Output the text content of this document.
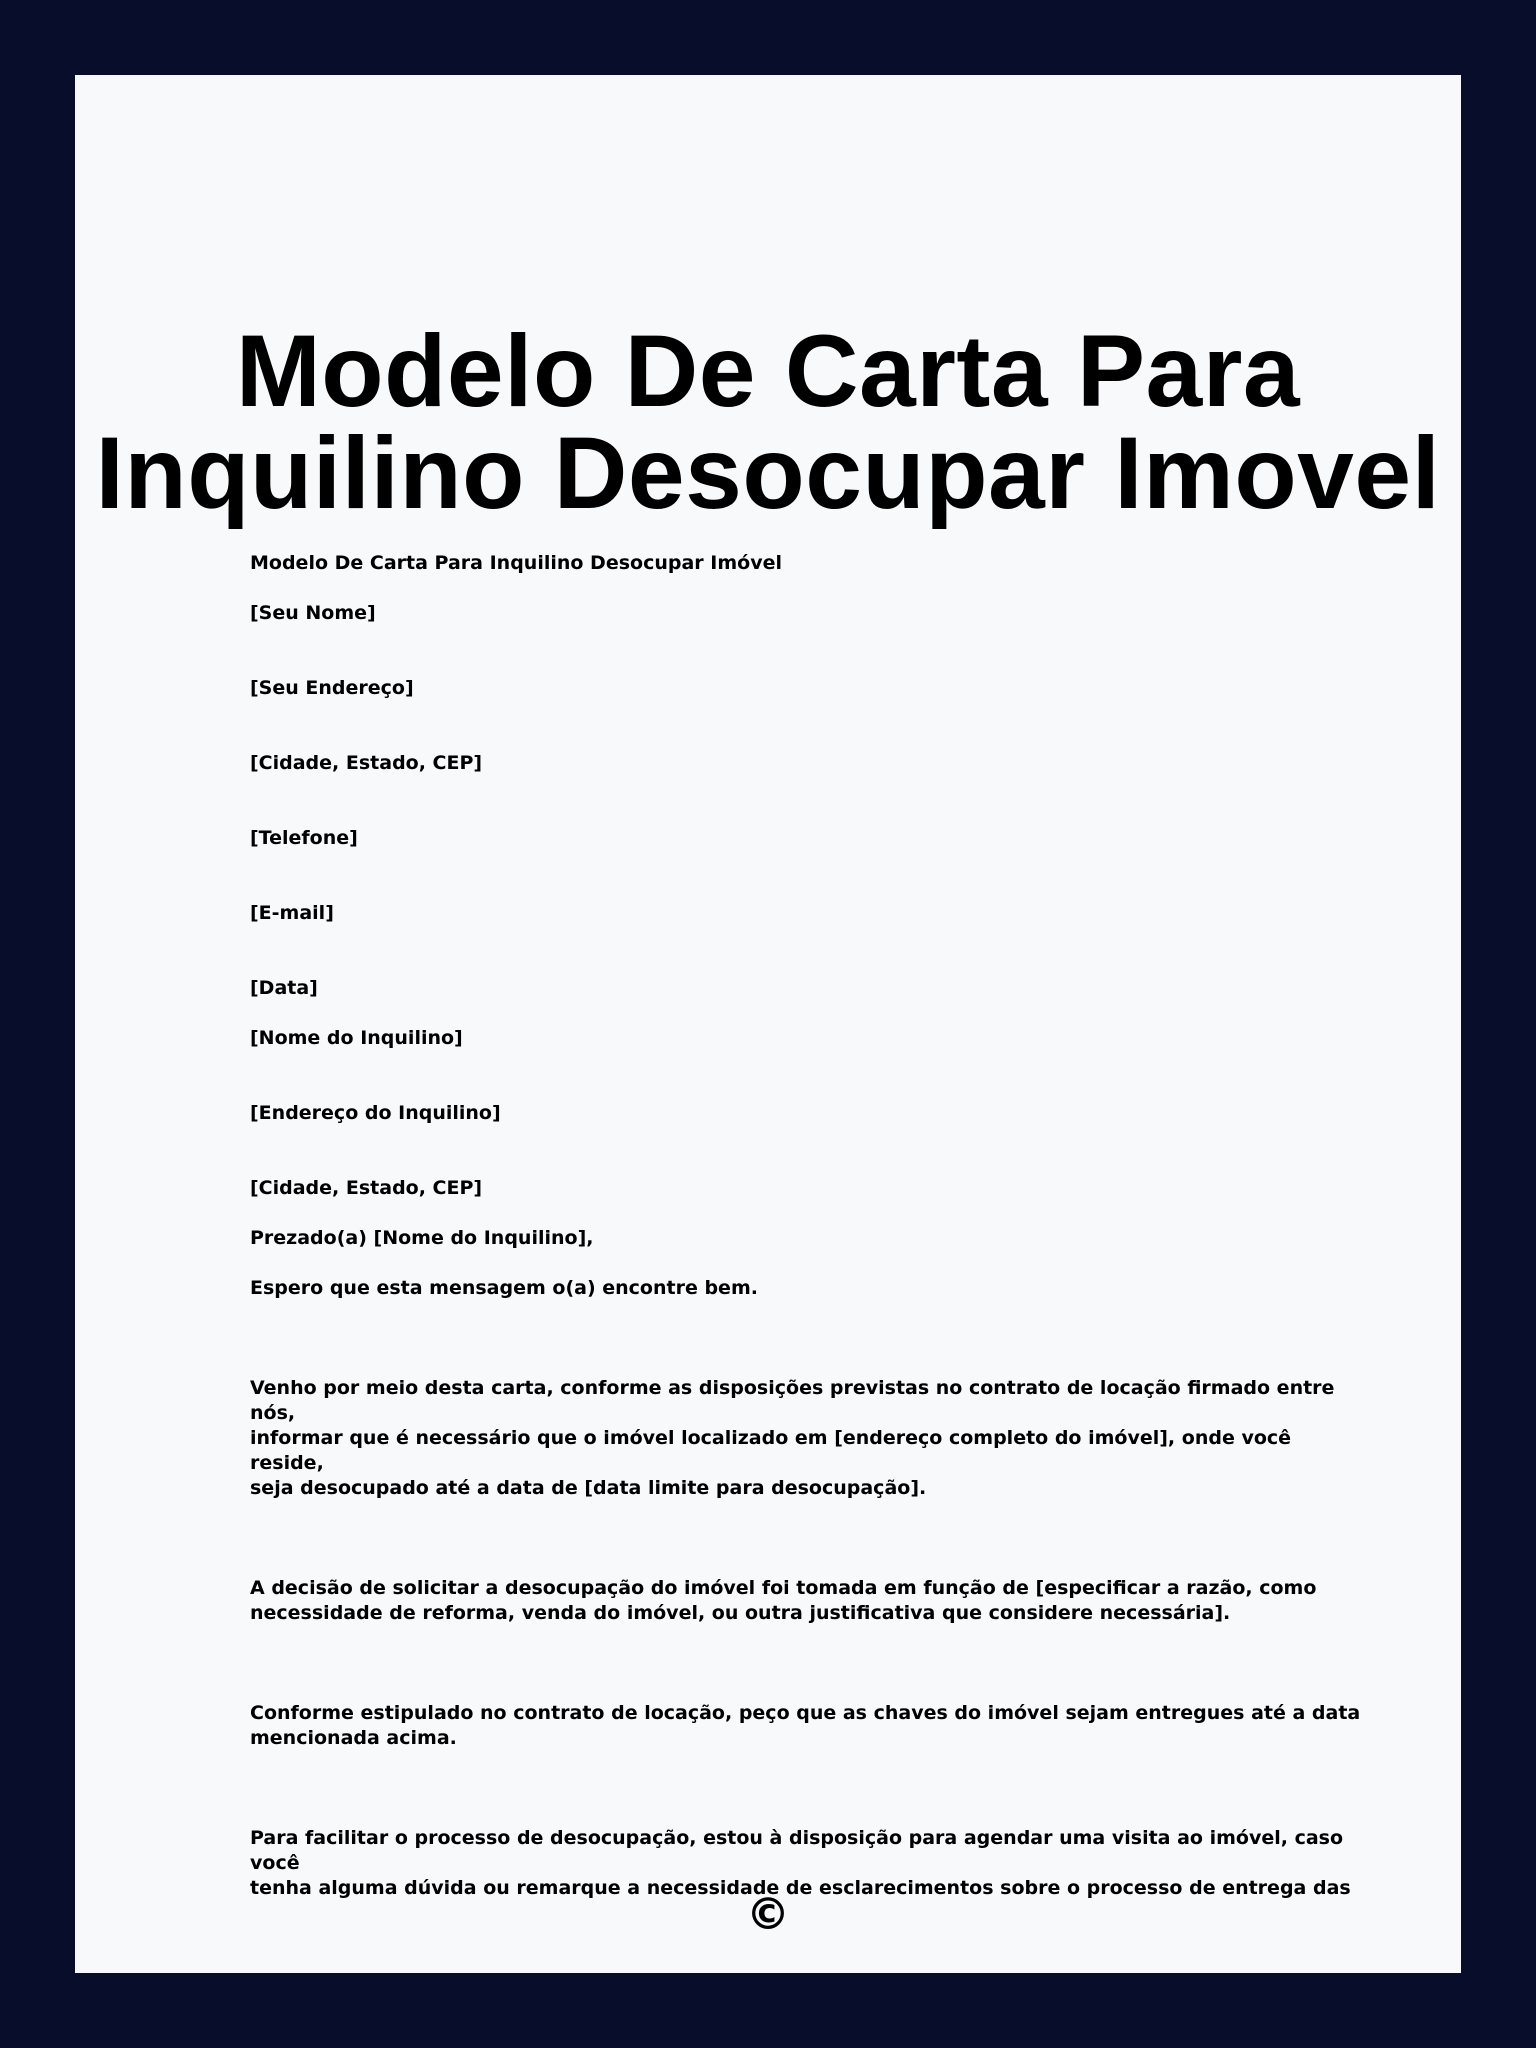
Modelo De Carta Para
Inquilino Desocupar Imovel

Modelo De Carta Para Inquilino Desocupar Imóvel

[Seu Nome]

[Seu Endereço]

[Cidade, Estado, CEP]

[Telefone]

[E-mail]

[Data]

[Nome do Inquilino]

[Endereço do Inquilino]

[Cidade, Estado, CEP]

Prezado(a) [Nome do Inquilino],

Espero que esta mensagem o(a) encontre bem.

Venho por meio desta carta, conforme as disposições previstas no contrato de locação firmado entre nós,
informar que é necessário que o imóvel localizado em [endereço completo do imóvel], onde você reside,
seja desocupado até a data de [data limite para desocupação].

A decisão de solicitar a desocupação do imóvel foi tomada em função de [especificar a razão, como
necessidade de reforma, venda do imóvel, ou outra justificativa que considere necessária].

Conforme estipulado no contrato de locação, peço que as chaves do imóvel sejam entregues até a data
mencionada acima.

Para facilitar o processo de desocupação, estou à disposição para agendar uma visita ao imóvel, caso você
tenha alguma dúvida ou remarque a necessidade de esclarecimentos sobre o processo de entrega das

©
